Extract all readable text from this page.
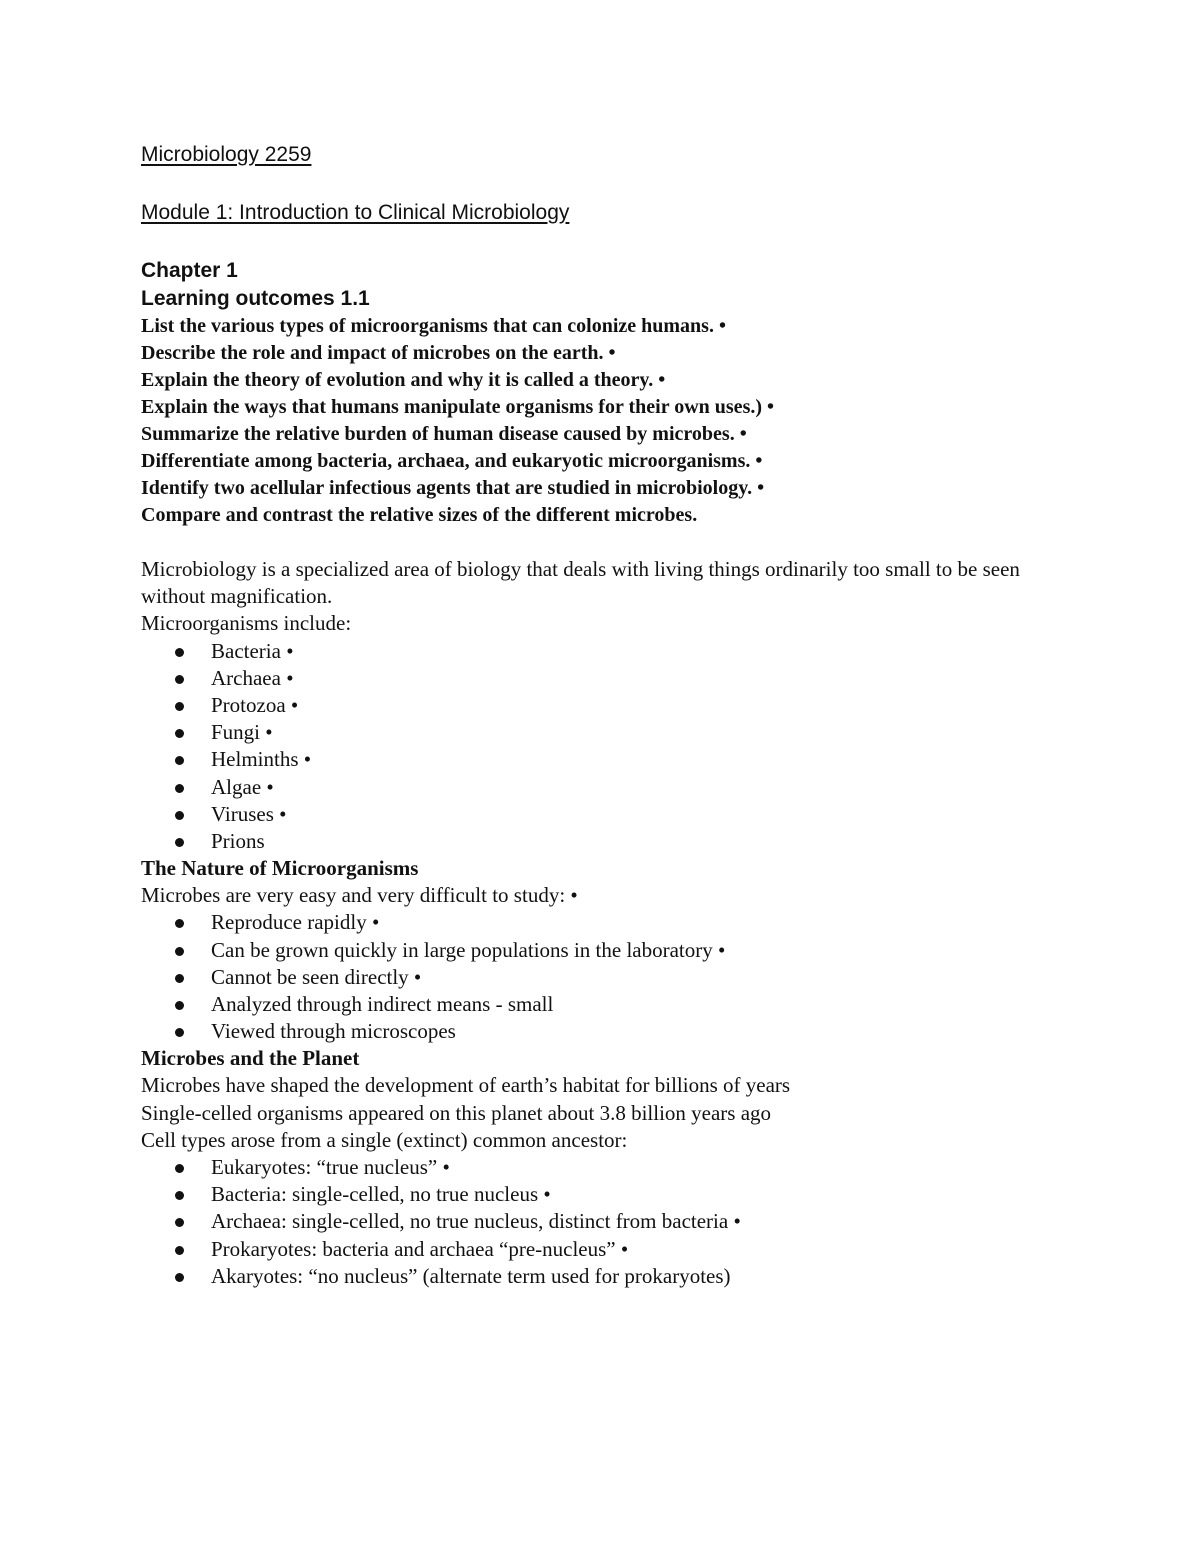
Microbiology 2259
Module 1: Introduction to Clinical Microbiology
Chapter 1
Learning outcomes 1.1

List the various types of microorganisms that can colonize humans. •

Describe the role and impact of microbes on the earth. •

Explain the theory of evolution and why it is called a theory. •

Explain the ways that humans manipulate organisms for their own uses.) •

Summarize the relative burden of human disease caused by microbes. •

Differentiate among bacteria, archaea, and eukaryotic microorganisms. •

Identify two acellular infectious agents that are studied in microbiology. •

Compare and contrast the relative sizes of the different microbes.

Microbiology is a specialized area of biology that deals with living things ordinarily too small to be seen without magnification.

Microorganisms include:

Bacteria •
Archaea •
Protozoa •
Fungi •
Helminths •
Algae •
Viruses •
Prions
The Nature of Microorganisms

Microbes are very easy and very difficult to study: •

Reproduce rapidly •
Can be grown quickly in large populations in the laboratory •
Cannot be seen directly •
Analyzed through indirect means - small
Viewed through microscopes
Microbes and the Planet

Microbes have shaped the development of earth’s habitat for billions of years

Single-celled organisms appeared on this planet about 3.8 billion years ago

Cell types arose from a single (extinct) common ancestor:

Eukaryotes: “true nucleus” •
Bacteria: single-celled, no true nucleus •
Archaea: single-celled, no true nucleus, distinct from bacteria •
Prokaryotes: bacteria and archaea “pre-nucleus” •
Akaryotes: “no nucleus” (alternate term used for prokaryotes)
